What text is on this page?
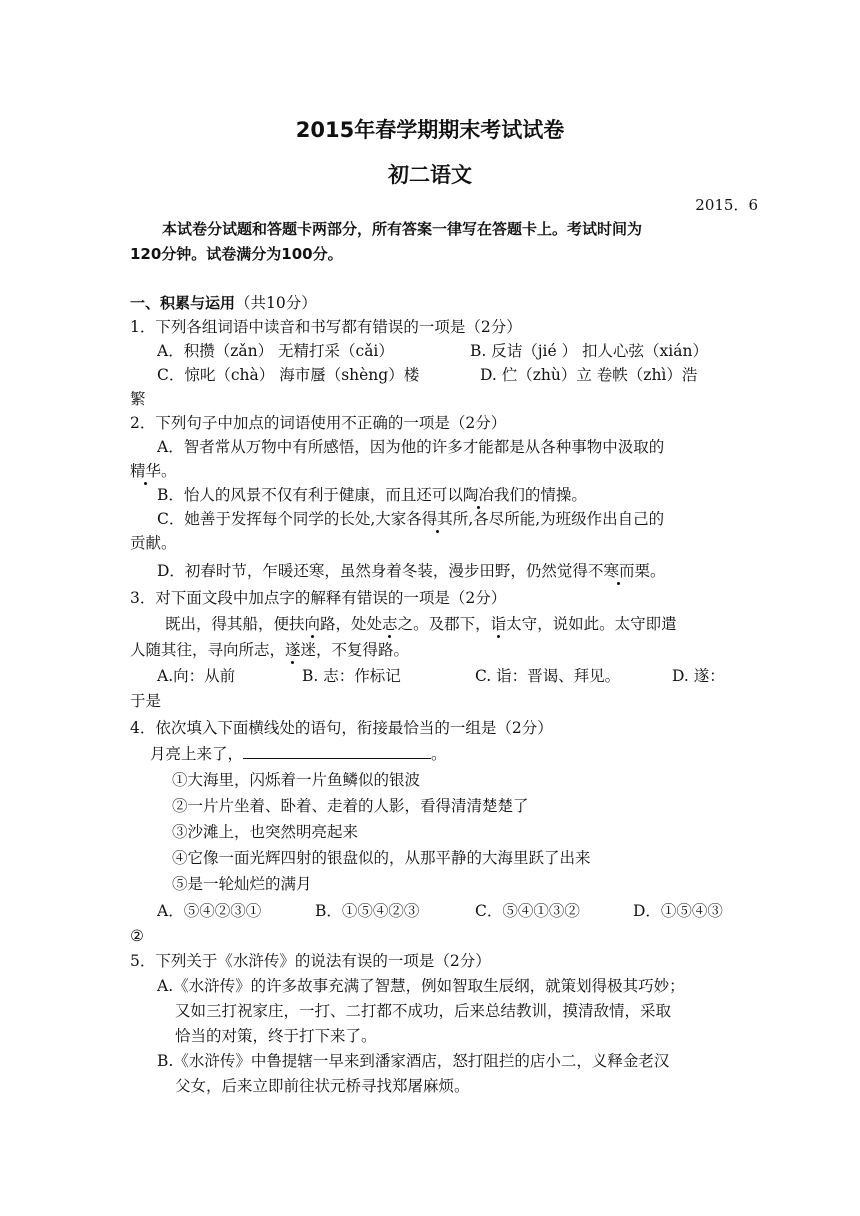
2015年春学期期末考试试卷
初二语文
2015．6
本试卷分试题和答题卡两部分，所有答案一律写在答题卡上。考试时间为
120分钟。试卷满分为100分。
一、积累与运用（共10分）
1．下列各组词语中读音和书写都有错误的一项是（2分）
A．积攒（zǎn） 无精打采（cǎi）	B. 反诘（jié ） 扣人心弦（xián）
C．惊叱（chà） 海市蜃（shèng）楼	D. 伫（zhù）立 卷帙（zhì）浩
繁
2．下列句子中加点的词语使用不正确的一项是（2分）
A．智者常从万物中有所感悟，因为他的许多才能都是从各种事物中汲取的
精华。
B．怡人的风景不仅有利于健康，而且还可以陶冶我们的情操。
C．她善于发挥每个同学的长处,大家各得其所,各尽所能,为班级作出自己的
贡献。
D．初春时节，乍暖还寒，虽然身着冬装，漫步田野，仍然觉得不寒而栗。
3．对下面文段中加点字的解释有错误的一项是（2分）
既出，得其船，便扶向路，处处志之。及郡下，诣太守，说如此。太守即遣
人随其往，寻向所志，遂迷，不复得路。
A.向：从前	B. 志：作标记	C. 诣：晋谒、拜见。	D. 遂：
于是
4．依次填入下面横线处的语句，衔接最恰当的一组是（2分）
月亮上来了，	。
①大海里，闪烁着一片鱼鳞似的银波
②一片片坐着、卧着、走着的人影，看得清清楚楚了
③沙滩上，也突然明亮起来
④它像一面光辉四射的银盘似的，从那平静的大海里跃了出来
⑤是一轮灿烂的满月
A．⑤④②③①	B．①⑤④②③	C．⑤④①③②	D．①⑤④③
②
5．下列关于《水浒传》的说法有误的一项是（2分）
A.《水浒传》的许多故事充满了智慧，例如智取生辰纲，就策划得极其巧妙；
又如三打祝家庄，一打、二打都不成功，后来总结教训，摸清敌情，采取
恰当的对策，终于打下来了。
B.《水浒传》中鲁提辖一早来到潘家酒店，怒打阻拦的店小二，义释金老汉
父女，后来立即前往状元桥寻找郑屠麻烦。
